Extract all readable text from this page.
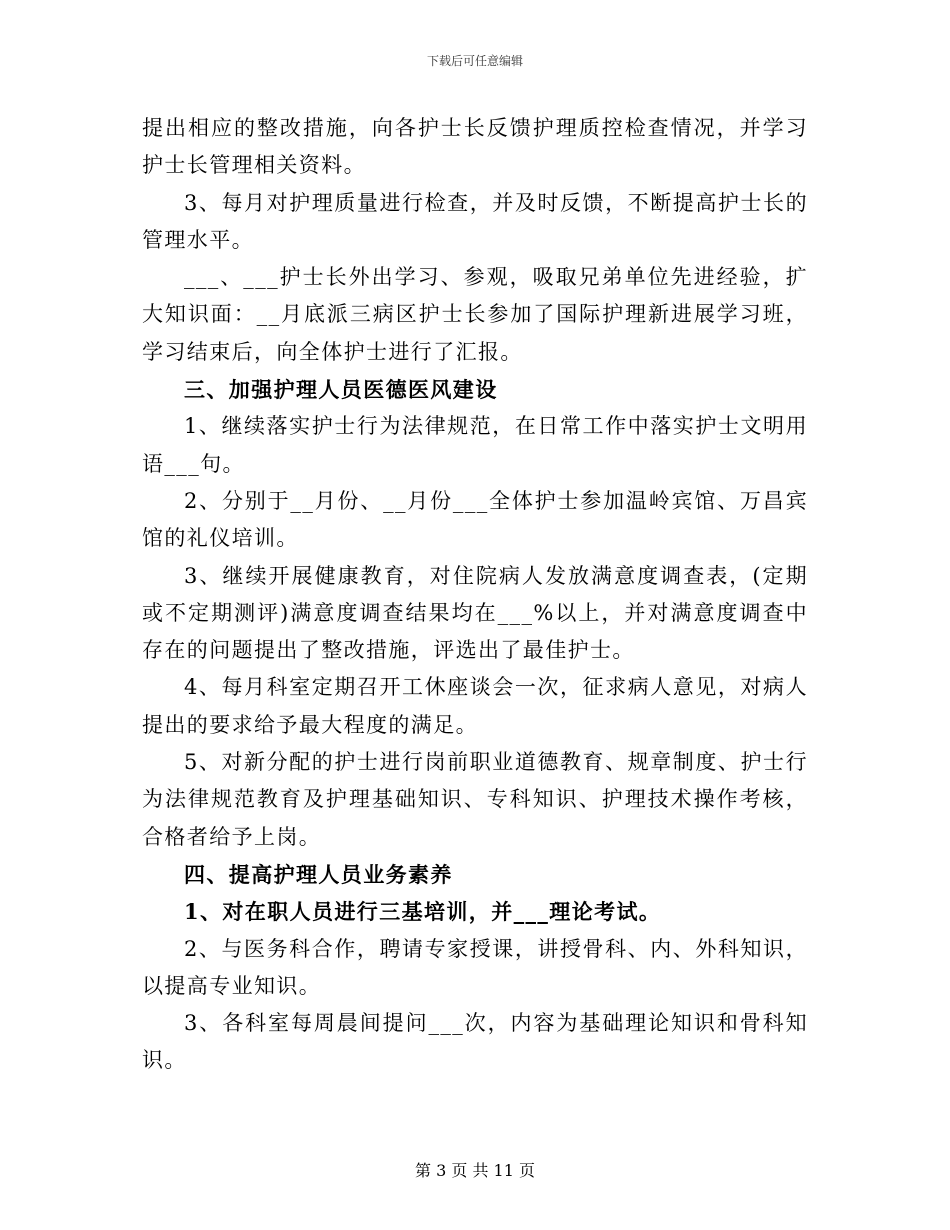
下载后可任意编辑

提出相应的整改措施，向各护士长反馈护理质控检查情况，并学习护士长管理相关资料。

3、每月对护理质量进行检查，并及时反馈，不断提高护士长的管理水平。

___、___护士长外出学习、参观，吸取兄弟单位先进经验，扩大知识面：__月底派三病区护士长参加了国际护理新进展学习班，学习结束后，向全体护士进行了汇报。

三、加强护理人员医德医风建设

1、继续落实护士行为法律规范，在日常工作中落实护士文明用语___句。

2、分别于__月份、__月份___全体护士参加温岭宾馆、万昌宾馆的礼仪培训。

3、继续开展健康教育，对住院病人发放满意度调查表，(定期或不定期测评)满意度调查结果均在___%以上，并对满意度调查中存在的问题提出了整改措施，评选出了最佳护士。

4、每月科室定期召开工休座谈会一次，征求病人意见，对病人提出的要求给予最大程度的满足。

5、对新分配的护士进行岗前职业道德教育、规章制度、护士行为法律规范教育及护理基础知识、专科知识、护理技术操作考核，合格者给予上岗。

四、提高护理人员业务素养

1、对在职人员进行三基培训，并___理论考试。

2、与医务科合作，聘请专家授课，讲授骨科、内、外科知识，以提高专业知识。

3、各科室每周晨间提问___次，内容为基础理论知识和骨科知识。

第 3 页 共 11 页
